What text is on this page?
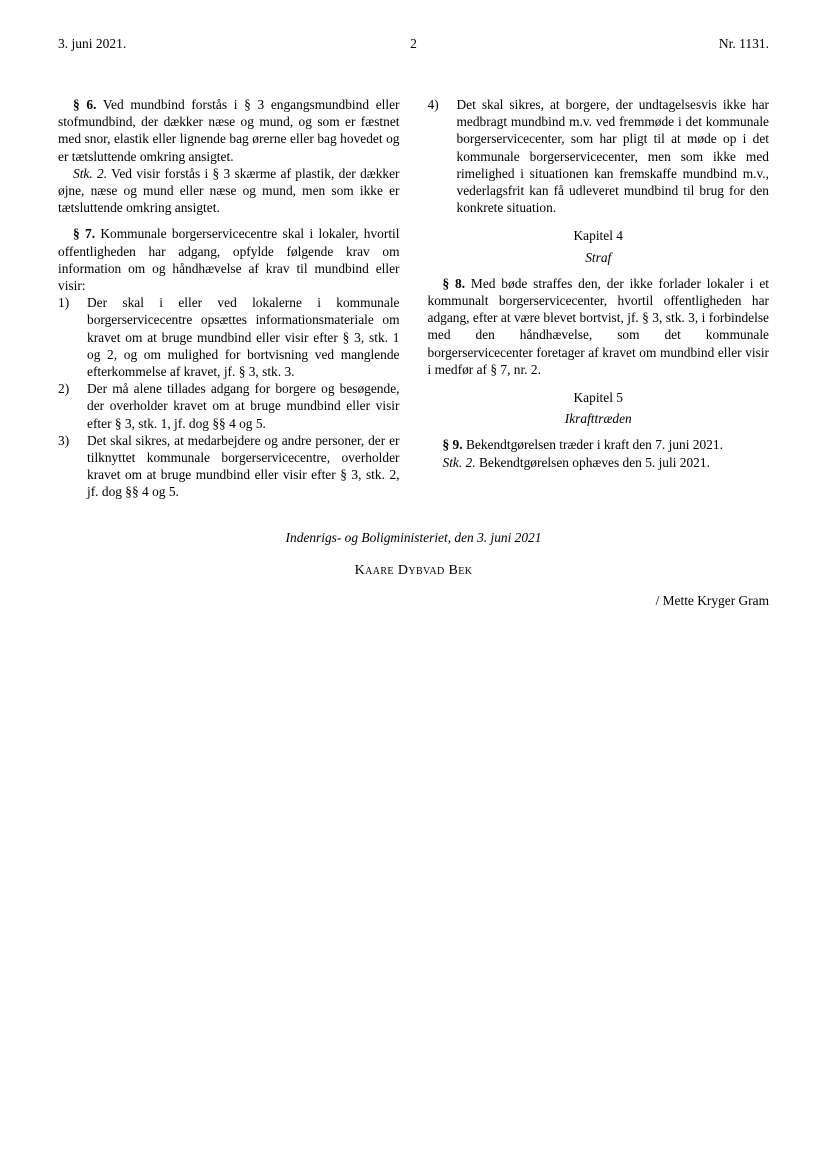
3. juni 2021.	2	Nr. 1131.

§ 6. Ved mundbind forstås i § 3 engangsmundbind eller stofmundbind, der dækker næse og mund, og som er fæstnet med snor, elastik eller lignende bag ørerne eller bag hovedet og er tætsluttende omkring ansigtet.

Stk. 2. Ved visir forstås i § 3 skærme af plastik, der dækker øjne, næse og mund eller næse og mund, men som ikke er tætsluttende omkring ansigtet.

§ 7. Kommunale borgerservicecentre skal i lokaler, hvortil offentligheden har adgang, opfylde følgende krav om information om og håndhævelse af krav til mundbind eller visir:

1) Der skal i eller ved lokalerne i kommunale borgerservicecentre opsættes informationsmateriale om kravet om at bruge mundbind eller visir efter § 3, stk. 1 og 2, og om mulighed for bortvisning ved manglende efterkommelse af kravet, jf. § 3, stk. 3.
2) Der må alene tillades adgang for borgere og besøgende, der overholder kravet om at bruge mundbind eller visir efter § 3, stk. 1, jf. dog §§ 4 og 5.
3) Det skal sikres, at medarbejdere og andre personer, der er tilknyttet kommunale borgerservicecentre, overholder kravet om at bruge mundbind eller visir efter § 3, stk. 2, jf. dog §§ 4 og 5.
4) Det skal sikres, at borgere, der undtagelsesvis ikke har medbragt mundbind m.v. ved fremmøde i det kommunale borgerservicecenter, som har pligt til at møde op i det kommunale borgerservicecenter, men som ikke med rimelighed i situationen kan fremskaffe mundbind m.v., vederlagsfrit kan få udleveret mundbind til brug for den konkrete situation.

Kapitel 4

Straf

§ 8. Med bøde straffes den, der ikke forlader lokaler i et kommunalt borgerservicecenter, hvortil offentligheden har adgang, efter at være blevet bortvist, jf. § 3, stk. 3, i forbindelse med den håndhævelse, som det kommunale borgerservicecenter foretager af kravet om mundbind eller visir i medfør af § 7, nr. 2.

Kapitel 5

Ikrafttræden

§ 9. Bekendtgørelsen træder i kraft den 7. juni 2021.

Stk. 2. Bekendtgørelsen ophæves den 5. juli 2021.

Indenrigs- og Boligministeriet, den 3. juni 2021

Kaare Dybvad Bek

/ Mette Kryger Gram
